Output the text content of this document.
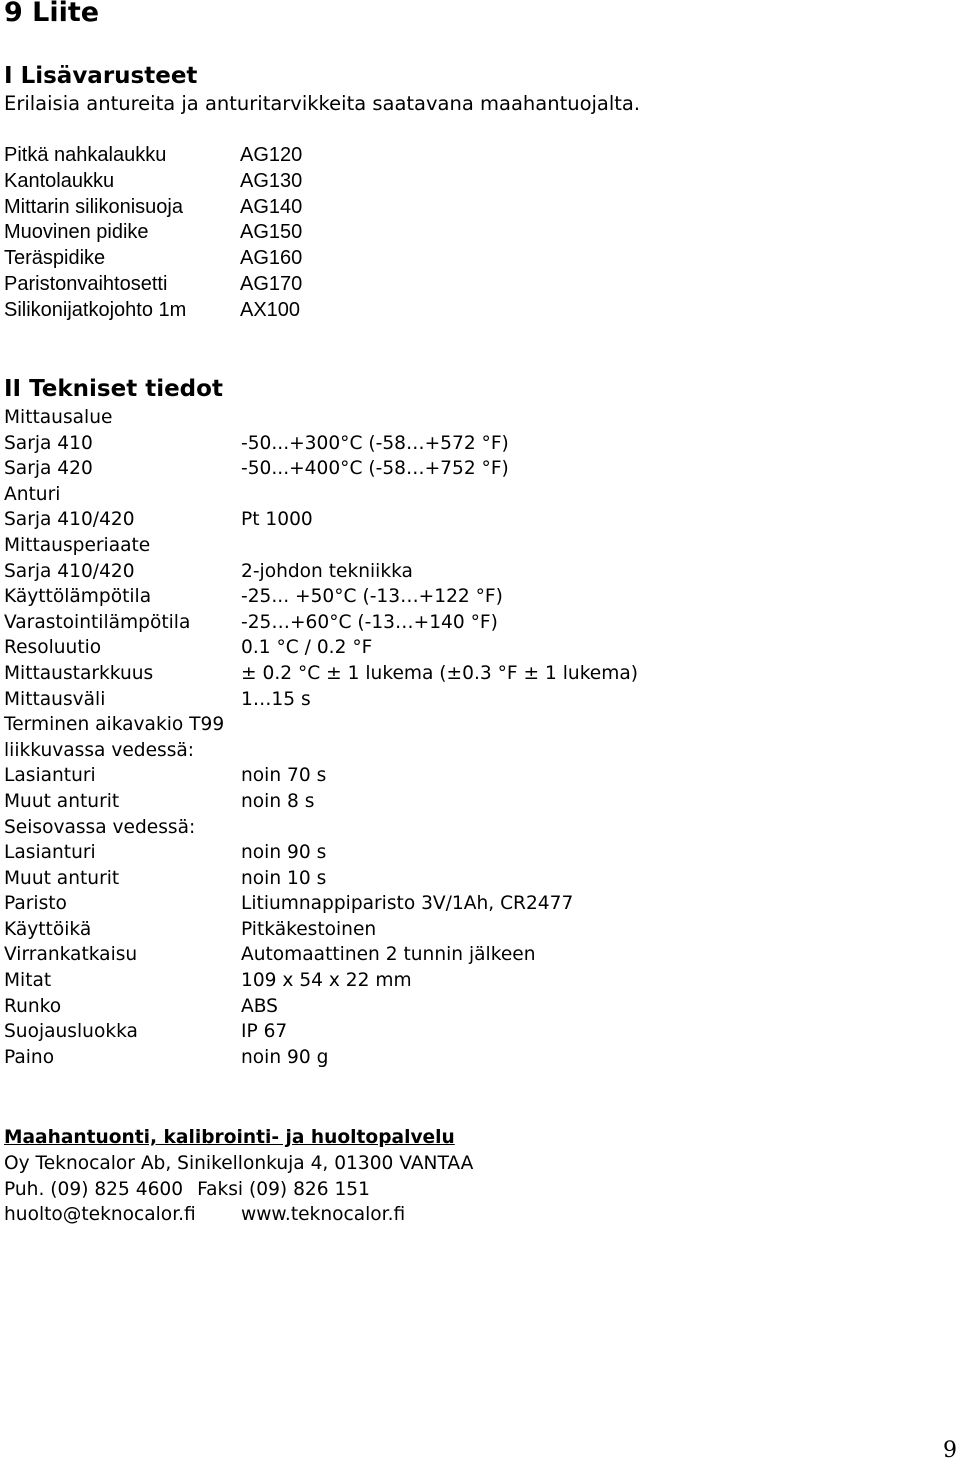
9 Liite
I Lisävarusteet
Erilaisia antureita ja anturitarvikkeita saatavana maahantuojalta.
Pitkä nahkalaukku	AG120
Kantolaukku	AG130
Mittarin silikonisuoja	AG140
Muovinen pidike	AG150
Teräspidike	AG160
Paristonvaihtosetti	AG170
Silikonijatkojohto 1m	AX100
II Tekniset tiedot
Mittausalue
Sarja 410	-50...+300°C (-58…+572 °F)
Sarja 420	-50...+400°C (-58…+752 °F)
Anturi
Sarja 410/420	Pt 1000
Mittausperiaate
Sarja 410/420	2-johdon tekniikka
Käyttölämpötila	-25... +50°C (-13…+122 °F)
Varastointilämpötila	-25…+60°C (-13…+140 °F)
Resoluutio	0.1 °C / 0.2 °F
Mittaustarkkuus	± 0.2 °C ± 1 lukema (±0.3 °F ± 1 lukema)
Mittausväli	1…15 s
Terminen aikavakio T99
liikkuvassa vedessä:
Lasianturi	noin 70 s
Muut anturit	noin 8 s
Seisovassa vedessä:
Lasianturi	noin 90 s
Muut anturit	noin 10 s
Paristo	Litiumnappiparisto 3V/1Ah, CR2477
Käyttöikä	Pitkäkestoinen
Virrankatkaisu	Automaattinen 2 tunnin jälkeen
Mitat	109 x 54 x 22 mm
Runko	ABS
Suojausluokka	IP 67
Paino	noin 90 g
Maahantuonti, kalibrointi- ja huoltopalvelu
Oy Teknocalor Ab, Sinikellonkuja 4, 01300 VANTAA
Puh. (09) 825 4600 Faksi (09) 826 151
huolto@teknocalor.fi www.teknocalor.fi
9
